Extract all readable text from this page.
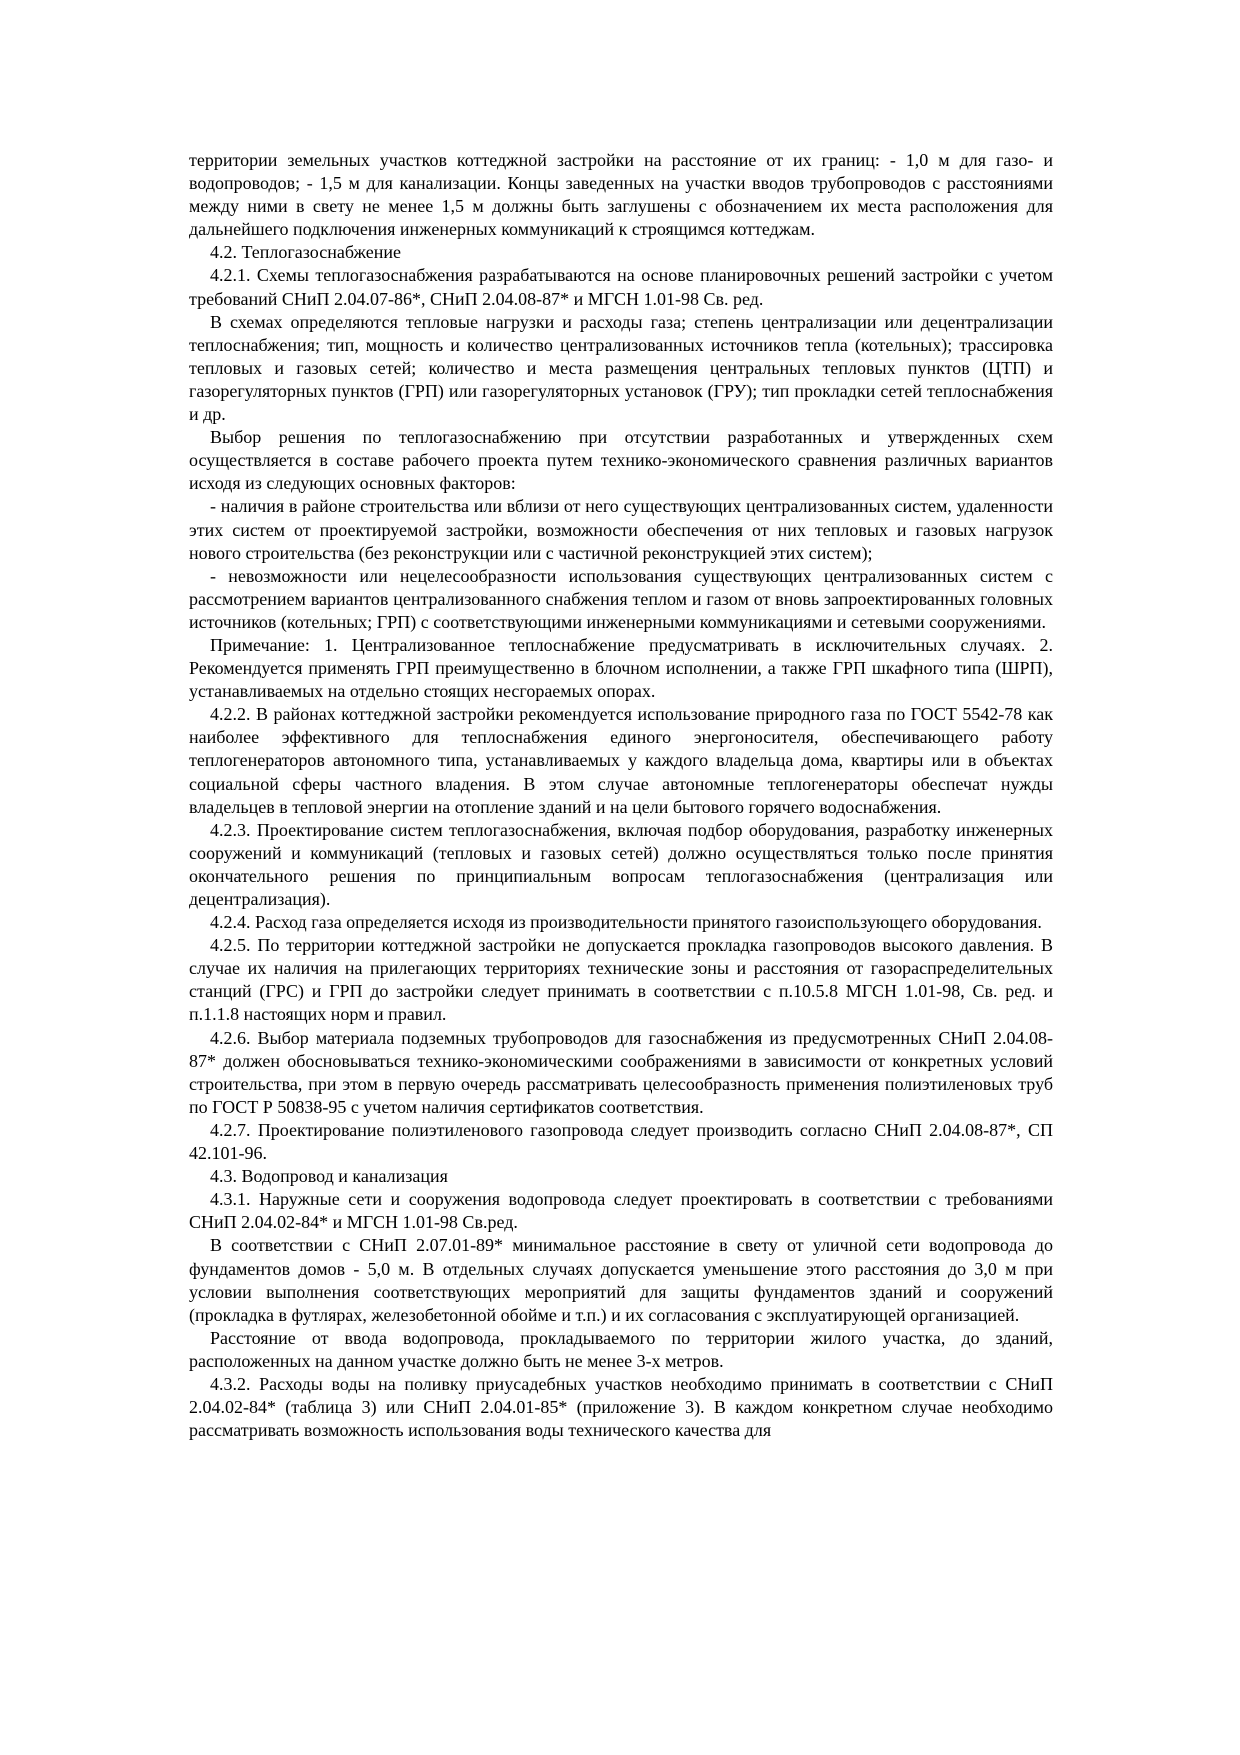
территории земельных участков коттеджной застройки на расстояние от их границ: - 1,0 м для газо- и водопроводов; - 1,5 м для канализации. Концы заведенных на участки вводов трубопроводов с расстояниями между ними в свету не менее 1,5 м должны быть заглушены с обозначением их места расположения для дальнейшего подключения инженерных коммуникаций к строящимся коттеджам.

4.2. Теплогазоснабжение

4.2.1. Схемы теплогазоснабжения разрабатываются на основе планировочных решений застройки с учетом требований СНиП 2.04.07-86*, СНиП 2.04.08-87* и МГСН 1.01-98 Св. ред.

В схемах определяются тепловые нагрузки и расходы газа; степень централизации или децентрализации теплоснабжения; тип, мощность и количество централизованных источников тепла (котельных); трассировка тепловых и газовых сетей; количество и места размещения центральных тепловых пунктов (ЦТП) и газорегуляторных пунктов (ГРП) или газорегуляторных установок (ГРУ); тип прокладки сетей теплоснабжения и др.

Выбор решения по теплогазоснабжению при отсутствии разработанных и утвержденных схем осуществляется в составе рабочего проекта путем технико-экономического сравнения различных вариантов исходя из следующих основных факторов:

- наличия в районе строительства или вблизи от него существующих централизованных систем, удаленности этих систем от проектируемой застройки, возможности обеспечения от них тепловых и газовых нагрузок нового строительства (без реконструкции или с частичной реконструкцией этих систем);

- невозможности или нецелесообразности использования существующих централизованных систем с рассмотрением вариантов централизованного снабжения теплом и газом от вновь запроектированных головных источников (котельных; ГРП) с соответствующими инженерными коммуникациями и сетевыми сооружениями.

Примечание: 1. Централизованное теплоснабжение предусматривать в исключительных случаях. 2. Рекомендуется применять ГРП преимущественно в блочном исполнении, а также ГРП шкафного типа (ШРП), устанавливаемых на отдельно стоящих несгораемых опорах.

4.2.2. В районах коттеджной застройки рекомендуется использование природного газа по ГОСТ 5542-78 как наиболее эффективного для теплоснабжения единого энергоносителя, обеспечивающего работу теплогенераторов автономного типа, устанавливаемых у каждого владельца дома, квартиры или в объектах социальной сферы частного владения. В этом случае автономные теплогенераторы обеспечат нужды владельцев в тепловой энергии на отопление зданий и на цели бытового горячего водоснабжения.

4.2.3. Проектирование систем теплогазоснабжения, включая подбор оборудования, разработку инженерных сооружений и коммуникаций (тепловых и газовых сетей) должно осуществляться только после принятия окончательного решения по принципиальным вопросам теплогазоснабжения (централизация или децентрализация).

4.2.4. Расход газа определяется исходя из производительности принятого газоиспользующего оборудования.

4.2.5. По территории коттеджной застройки не допускается прокладка газопроводов высокого давления. В случае их наличия на прилегающих территориях технические зоны и расстояния от газораспределительных станций (ГРС) и ГРП до застройки следует принимать в соответствии с п.10.5.8 МГСН 1.01-98, Св. ред. и п.1.1.8 настоящих норм и правил.

4.2.6. Выбор материала подземных трубопроводов для газоснабжения из предусмотренных СНиП 2.04.08-87* должен обосновываться технико-экономическими соображениями в зависимости от конкретных условий строительства, при этом в первую очередь рассматривать целесообразность применения полиэтиленовых труб по ГОСТ Р 50838-95 с учетом наличия сертификатов соответствия.

4.2.7. Проектирование полиэтиленового газопровода следует производить согласно СНиП 2.04.08-87*, СП 42.101-96.

4.3. Водопровод и канализация

4.3.1. Наружные сети и сооружения водопровода следует проектировать в соответствии с требованиями СНиП 2.04.02-84* и МГСН 1.01-98 Св.ред.

В соответствии с СНиП 2.07.01-89* минимальное расстояние в свету от уличной сети водопровода до фундаментов домов - 5,0 м. В отдельных случаях допускается уменьшение этого расстояния до 3,0 м при условии выполнения соответствующих мероприятий для защиты фундаментов зданий и сооружений (прокладка в футлярах, железобетонной обойме и т.п.) и их согласования с эксплуатирующей организацией.

Расстояние от ввода водопровода, прокладываемого по территории жилого участка, до зданий, расположенных на данном участке должно быть не менее 3-х метров.

4.3.2. Расходы воды на поливку приусадебных участков необходимо принимать в соответствии с СНиП 2.04.02-84* (таблица 3) или СНиП 2.04.01-85* (приложение 3). В каждом конкретном случае необходимо рассматривать возможность использования воды технического качества для
